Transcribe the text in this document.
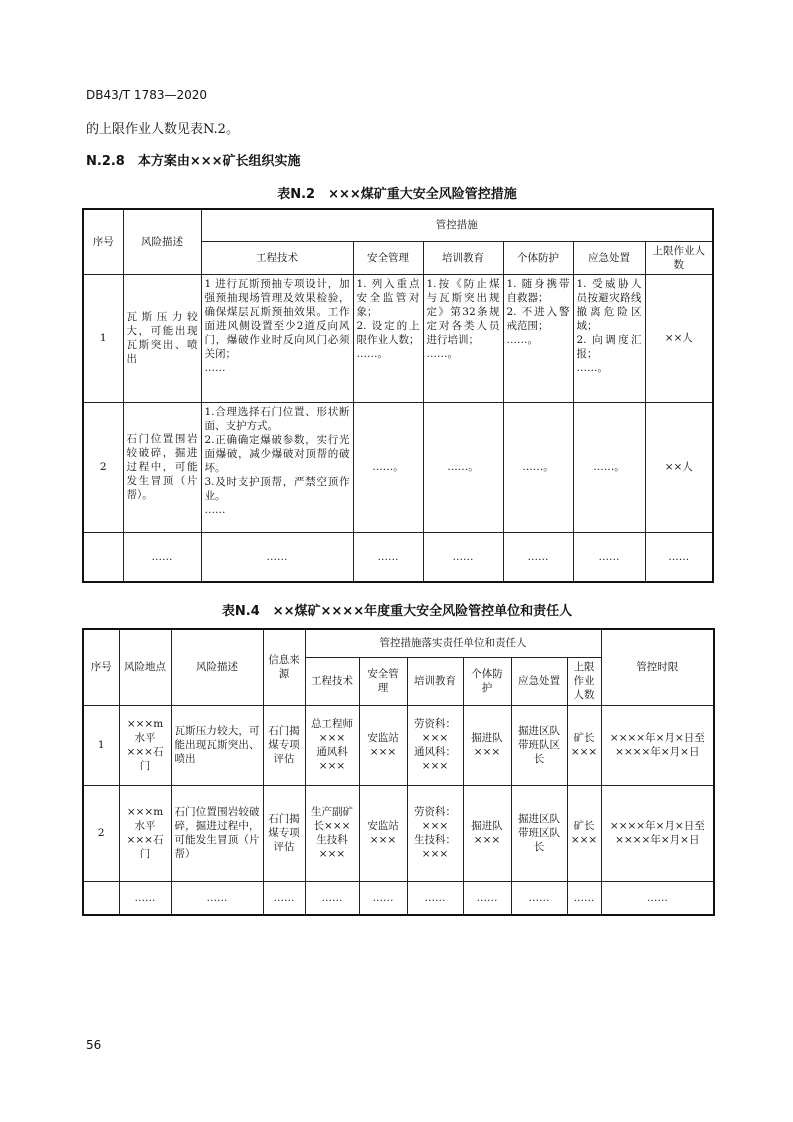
DB43/T 1783—2020
的上限作业人数见表N.2。
N.2.8　本方案由×××矿长组织实施
表N.2　×××煤矿重大安全风险管控措施
序号	风险描述	管控措施					
		工程技术	安全管理	培训教育	个体防护	应急处置	上限作业人数
1	瓦斯压力较大，可能出现瓦斯突出、喷出	1 进行瓦斯预抽专项设计，加强预抽现场管理及效果检验，确保煤层瓦斯预抽效果。工作面进风侧设置至少2道反向风门，爆破作业时反向风门必须关闭；
……	1. 列入重点安全监管对象；
2. 设定的上限作业人数；
……。	1.按《防止煤与瓦斯突出规定》第32条规定对各类人员进行培训；
……。	1. 随身携带自救器；
2. 不进入警戒范围；
……。	1. 受威胁人员按避灾路线撤离危险区域；
2. 向调度汇报；
……。	××人
2	石门位置围岩较破碎，掘进过程中，可能发生冒顶（片帮）。	1.合理选择石门位置、形状断面、支护方式。
2.正确确定爆破参数，实行光面爆破，减少爆破对顶帮的破坏。
3.及时支护顶帮，严禁空顶作业。
……	……。	……。	……。	……。	××人
	……	……	……	……	……	……	……
表N.4　××煤矿××××年度重大安全风险管控单位和责任人
序号	风险地点	风险描述	信息来源	管控措施落实责任单位和责任人						管控时限
				工程技术	安全管理	培训教育	个体防护	应急处置	上限作业人数	
1	×××m水平×××石门	瓦斯压力较大，可能出现瓦斯突出、喷出	石门揭煤专项评估	总工程师×××
通风科×××	安监站×××	劳资科：×××
通风科：×××	掘进队×××	掘进区队带班队区长	矿长×××	××××年×月×日至××××年×月×日
2	×××m水平×××石门	石门位置围岩较破碎，掘进过程中，可能发生冒顶（片帮）	石门揭煤专项评估	生产副矿长×××
生技科×××	安监站×××	劳资科：×××
生技科：×××	掘进队×××	掘进区队带班区队长	矿长×××	××××年×月×日至××××年×月×日
	……	……	……	……	……	……	……	……	……	……
56
